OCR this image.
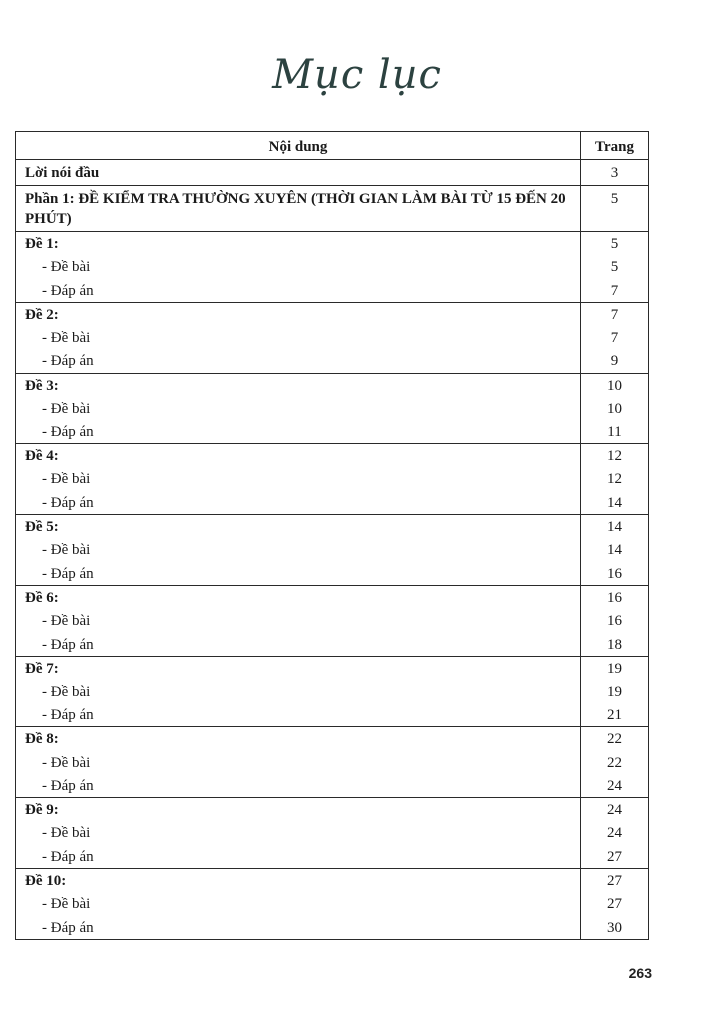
Mục lục
Nội dung	Trang
Lời nói đầu	3
Phần 1: ĐỀ KIỂM TRA THƯỜNG XUYÊN (THỜI GIAN LÀM BÀI TỪ 15 ĐẾN 20 PHÚT)	5
Đề 1:	5
- Đề bài	5
- Đáp án	7
Đề 2:	7
- Đề bài	7
- Đáp án	9
Đề 3:	10
- Đề bài	10
- Đáp án	11
Đề 4:	12
- Đề bài	12
- Đáp án	14
Đề 5:	14
- Đề bài	14
- Đáp án	16
Đề 6:	16
- Đề bài	16
- Đáp án	18
Đề 7:	19
- Đề bài	19
- Đáp án	21
Đề 8:	22
- Đề bài	22
- Đáp án	24
Đề 9:	24
- Đề bài	24
- Đáp án	27
Đề 10:	27
- Đề bài	27
- Đáp án	30
263
